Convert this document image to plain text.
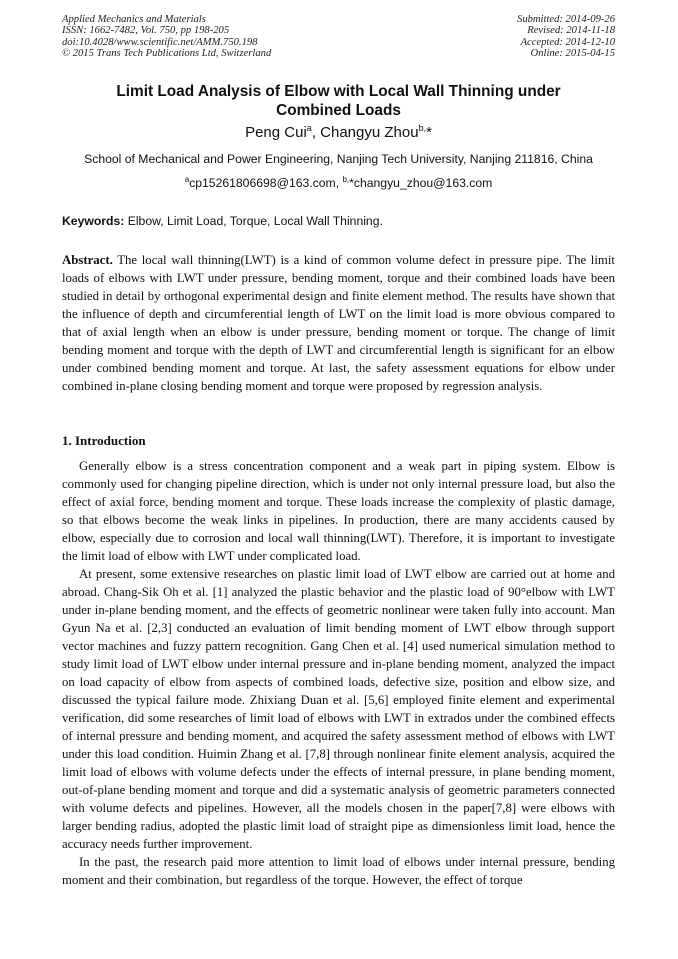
Applied Mechanics and Materials
ISSN: 1662-7482, Vol. 750, pp 198-205
doi:10.4028/www.scientific.net/AMM.750.198
© 2015 Trans Tech Publications Ltd, Switzerland
Submitted: 2014-09-26
Revised: 2014-11-18
Accepted: 2014-12-10
Online: 2015-04-15
Limit Load Analysis of Elbow with Local Wall Thinning under
Combined Loads
Peng Cui$^a$, Changyu Zhou$^{b,}$*
School of Mechanical and Power Engineering, Nanjing Tech University, Nanjing 211816, China
$^a$cp15261806698@163.com, $^{b,}$*changyu_zhou@163.com
Keywords: Elbow, Limit Load, Torque, Local Wall Thinning.
Abstract. The local wall thinning(LWT) is a kind of common volume defect in pressure pipe. The limit loads of elbows with LWT under pressure, bending moment, torque and their combined loads have been studied in detail by orthogonal experimental design and finite element method. The results have shown that the influence of depth and circumferential length of LWT on the limit load is more obvious compared to that of axial length when an elbow is under pressure, bending moment or torque. The change of limit bending moment and torque with the depth of LWT and circumferential length is significant for an elbow under combined bending moment and torque. At last, the safety assessment equations for elbow under combined in-plane closing bending moment and torque were proposed by regression analysis.
1. Introduction

Generally elbow is a stress concentration component and a weak part in piping system. Elbow is commonly used for changing pipeline direction, which is under not only internal pressure load, but also the effect of axial force, bending moment and torque. These loads increase the complexity of plastic damage, so that elbows become the weak links in pipelines. In production, there are many accidents caused by elbow, especially due to corrosion and local wall thinning(LWT). Therefore, it is important to investigate the limit load of elbow with LWT under complicated load.

At present, some extensive researches on plastic limit load of LWT elbow are carried out at home and abroad. Chang-Sik Oh et al. [1] analyzed the plastic behavior and the plastic load of 90°elbow with LWT under in-plane bending moment, and the effects of geometric nonlinear were taken fully into account. Man Gyun Na et al. [2,3] conducted an evaluation of limit bending moment of LWT elbow through support vector machines and fuzzy pattern recognition. Gang Chen et al. [4] used numerical simulation method to study limit load of LWT elbow under internal pressure and in-plane bending moment, analyzed the impact on load capacity of elbow from aspects of combined loads, defective size, position and elbow size, and discussed the typical failure mode. Zhixiang Duan et al. [5,6] employed finite element and experimental verification, did some researches of limit load of elbows with LWT in extrados under the combined effects of internal pressure and bending moment, and acquired the safety assessment method of elbows with LWT under this load condition. Huimin Zhang et al. [7,8] through nonlinear finite element analysis, acquired the limit load of elbows with volume defects under the effects of internal pressure, in plane bending moment, out-of-plane bending moment and torque and did a systematic analysis of geometric parameters connected with volume defects and pipelines. However, all the models chosen in the paper[7,8] were elbows with larger bending radius, adopted the plastic limit load of straight pipe as dimensionless limit load, hence the accuracy needs further improvement.

In the past, the research paid more attention to limit load of elbows under internal pressure, bending moment and their combination, but regardless of the torque. However, the effect of torque
